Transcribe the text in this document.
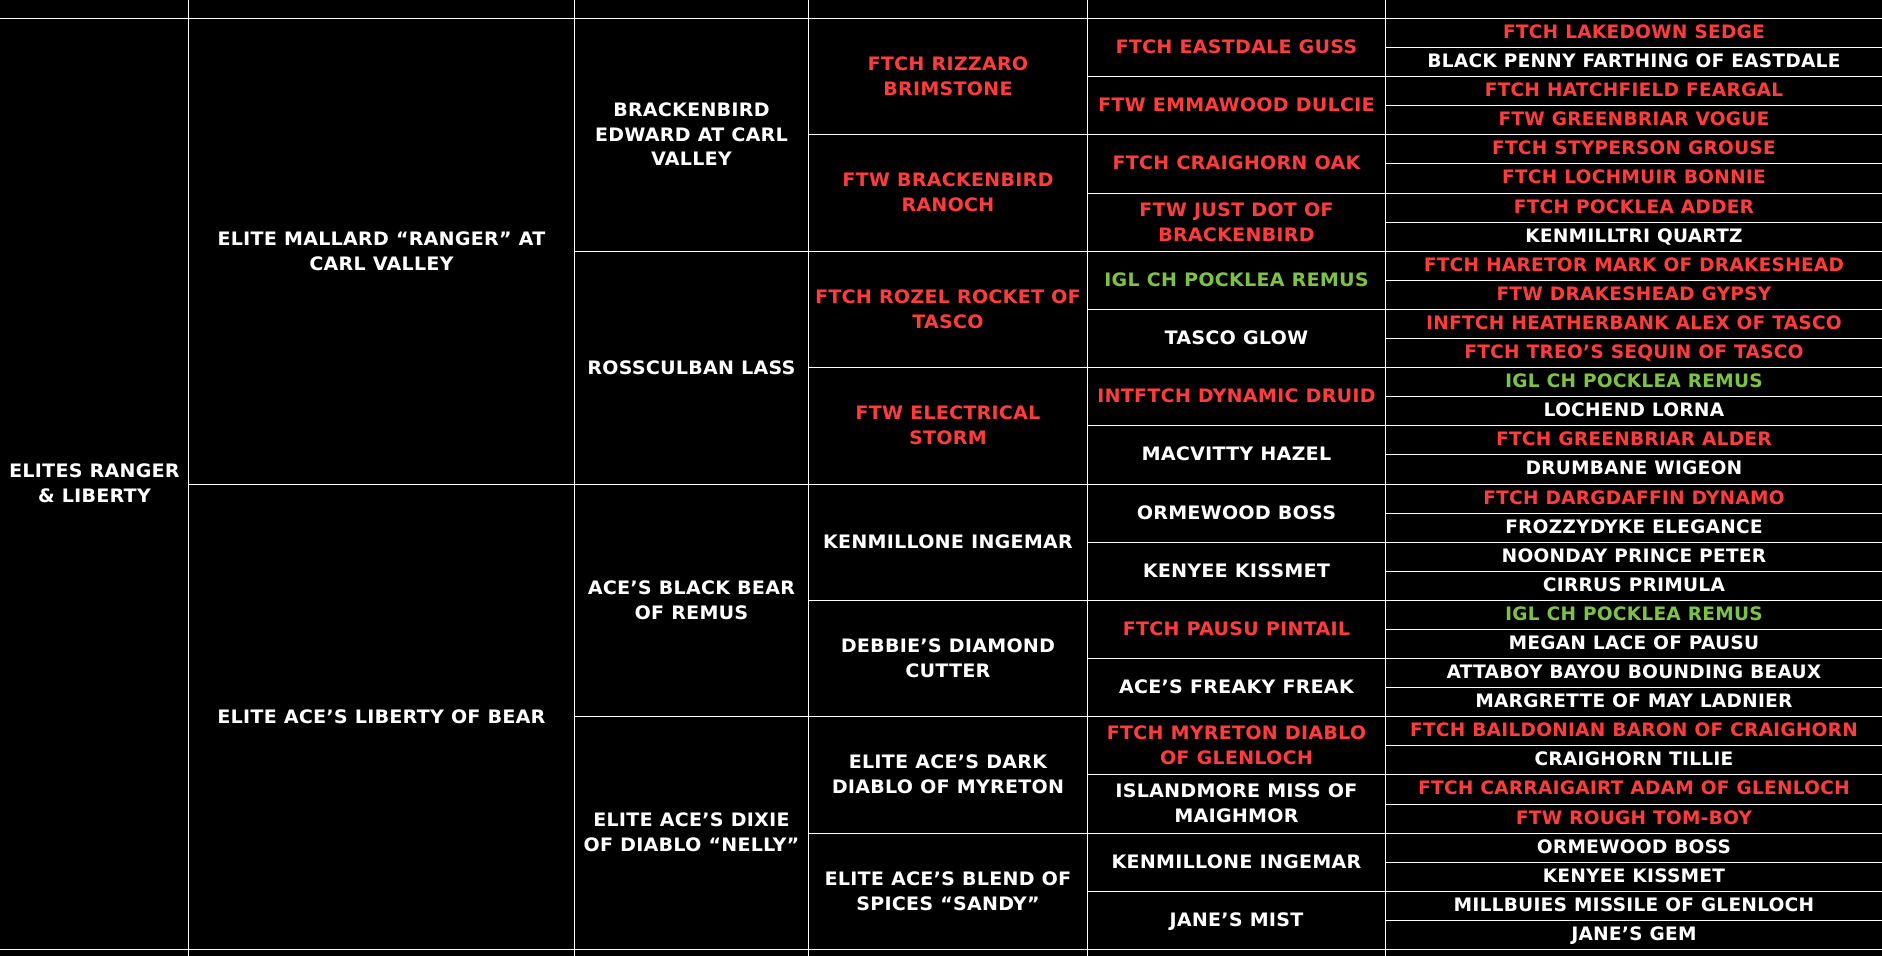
ELITES RANGER & LIBERTY
ELITE MALLARD “RANGER” AT CARL VALLEY
ELITE ACE’S LIBERTY OF BEAR
BRACKENBIRD EDWARD AT CARL VALLEY
ROSSCULBAN LASS
ACE’S BLACK BEAR OF REMUS
ELITE ACE’S DIXIE OF DIABLO “NELLY”
FTCH RIZZARO BRIMSTONE
FTW BRACKENBIRD RANOCH
FTCH ROZEL ROCKET OF TASCO
FTW ELECTRICAL STORM
KENMILLONE INGEMAR
DEBBIE’S DIAMOND CUTTER
ELITE ACE’S DARK DIABLO OF MYRETON
ELITE ACE’S BLEND OF SPICES “SANDY”
FTCH EASTDALE GUSS
FTW EMMAWOOD DULCIE
FTCH CRAIGHORN OAK
FTW JUST DOT OF BRACKENBIRD
IGL CH POCKLEA REMUS
TASCO GLOW
INTFTCH DYNAMIC DRUID
MACVITTY HAZEL
ORMEWOOD BOSS
KENYEE KISSMET
FTCH PAUSU PINTAIL
ACE’S FREAKY FREAK
FTCH MYRETON DIABLO OF GLENLOCH
ISLANDMORE MISS OF MAIGHMOR
KENMILLONE INGEMAR
JANE’S MIST
FTCH LAKEDOWN SEDGE
BLACK PENNY FARTHING OF EASTDALE
FTCH HATCHFIELD FEARGAL
FTW GREENBRIAR VOGUE
FTCH STYPERSON GROUSE
FTCH LOCHMUIR BONNIE
FTCH POCKLEA ADDER
KENMILLTRI QUARTZ
FTCH HARETOR MARK OF DRAKESHEAD
FTW DRAKESHEAD GYPSY
INFTCH HEATHERBANK ALEX OF TASCO
FTCH TREO’S SEQUIN OF TASCO
IGL CH POCKLEA REMUS
LOCHEND LORNA
FTCH GREENBRIAR ALDER
DRUMBANE WIGEON
FTCH DARGDAFFIN DYNAMO
FROZZYDYKE ELEGANCE
NOONDAY PRINCE PETER
CIRRUS PRIMULA
IGL CH POCKLEA REMUS
MEGAN LACE OF PAUSU
ATTABOY BAYOU BOUNDING BEAUX
MARGRETTE OF MAY LADNIER
FTCH BAILDONIAN BARON OF CRAIGHORN
CRAIGHORN TILLIE
FTCH CARRAIGAIRT ADAM OF GLENLOCH
FTW ROUGH TOM-BOY
ORMEWOOD BOSS
KENYEE KISSMET
MILLBUIES MISSILE OF GLENLOCH
JANE’S GEM
